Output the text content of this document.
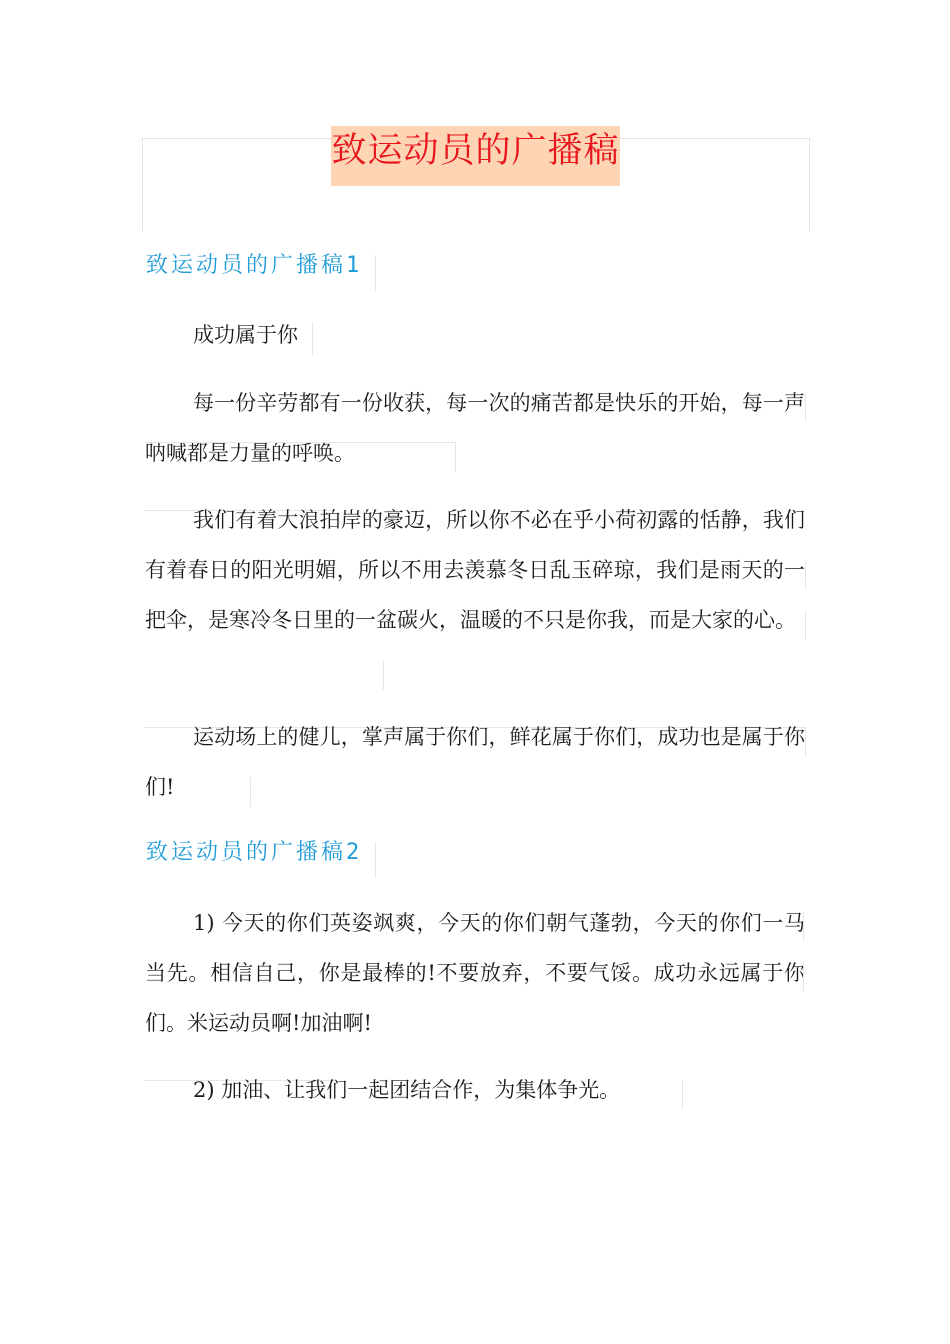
致运动员的广播稿
致运动员的广播稿1

成功属于你

每一份辛劳都有一份收获，每一次的痛苦都是快乐的开始，每一声呐喊都是力量的呼唤。

我们有着大浪拍岸的豪迈，所以你不必在乎小荷初露的恬静，我们有着春日的阳光明媚，所以不用去羡慕冬日乱玉碎琼，我们是雨天的一把伞，是寒冷冬日里的一盆碳火，温暖的不只是你我，而是大家的心。

运动场上的健儿，掌声属于你们，鲜花属于你们，成功也是属于你们!

致运动员的广播稿2

1) 今天的你们英姿飒爽，今天的你们朝气蓬勃，今天的你们一马当先。相信自己，你是最棒的!不要放弃，不要气馁。成功永远属于你们。米运动员啊!加油啊!

2) 加油、让我们一起团结合作，为集体争光。
